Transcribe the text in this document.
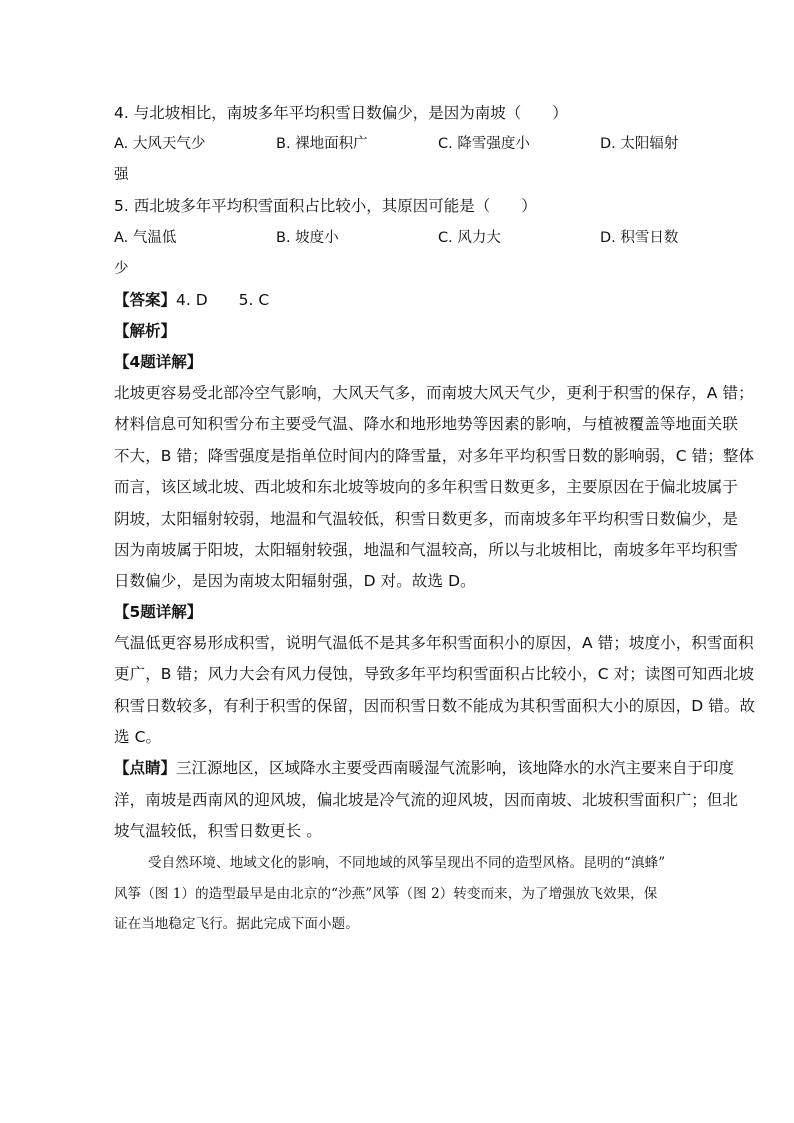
4. 与北坡相比，南坡多年平均积雪日数偏少，是因为南坡（　　）
A. 大风天气少	B. 裸地面积广	C. 降雪强度小	D. 太阳辐射
强
5. 西北坡多年平均积雪面积占比较小，其原因可能是（　　）
A. 气温低	B. 坡度小	C. 风力大	D. 积雪日数
少
【答案】4. D　　5. C
【解析】
【4题详解】
北坡更容易受北部冷空气影响，大风天气多，而南坡大风天气少，更利于积雪的保存，A 错；
材料信息可知积雪分布主要受气温、降水和地形地势等因素的影响，与植被覆盖等地面关联
不大，B 错；降雪强度是指单位时间内的降雪量，对多年平均积雪日数的影响弱，C 错；整体
而言，该区域北坡、西北坡和东北坡等坡向的多年积雪日数更多，主要原因在于偏北坡属于
阴坡，太阳辐射较弱，地温和气温较低，积雪日数更多，而南坡多年平均积雪日数偏少，是
因为南坡属于阳坡，太阳辐射较强，地温和气温较高，所以与北坡相比，南坡多年平均积雪
日数偏少，是因为南坡太阳辐射强，D 对。故选 D。
【5题详解】
气温低更容易形成积雪，说明气温低不是其多年积雪面积小的原因，A 错；坡度小，积雪面积
更广，B 错；风力大会有风力侵蚀，导致多年平均积雪面积占比较小，C 对；读图可知西北坡
积雪日数较多，有利于积雪的保留，因而积雪日数不能成为其积雪面积大小的原因，D 错。故
选 C。
【点睛】三江源地区，区域降水主要受西南暖湿气流影响，该地降水的水汽主要来自于印度
洋，南坡是西南风的迎风坡，偏北坡是冷气流的迎风坡，因而南坡、北坡积雪面积广；但北
坡气温较低，积雪日数更长 。
受自然环境、地域文化的影响，不同地域的风筝呈现出不同的造型风格。昆明的“滇蜂”
风筝（图 1）的造型最早是由北京的“沙燕”风筝（图 2）转变而来，为了增强放飞效果，保
证在当地稳定飞行。据此完成下面小题。
